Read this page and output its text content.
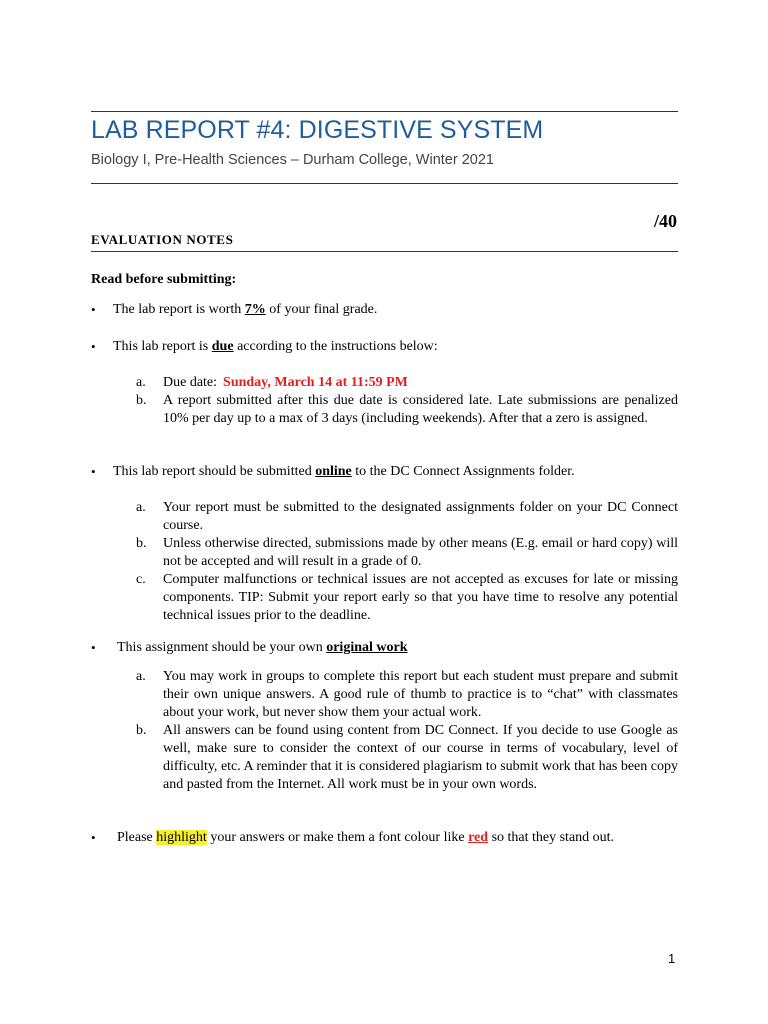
LAB REPORT #4: DIGESTIVE SYSTEM
Biology I, Pre-Health Sciences – Durham College, Winter 2021
/40
EVALUATION NOTES
Read before submitting:
• The lab report is worth 7% of your final grade.
• This lab report is due according to the instructions below:
a. Due date: Sunday, March 14 at 11:59 PM
b. A report submitted after this due date is considered late. Late submissions are penalized 10% per day up to a max of 3 days (including weekends). After that a zero is assigned.
• This lab report should be submitted online to the DC Connect Assignments folder.
a. Your report must be submitted to the designated assignments folder on your DC Connect course.
b. Unless otherwise directed, submissions made by other means (E.g. email or hard copy) will not be accepted and will result in a grade of 0.
c. Computer malfunctions or technical issues are not accepted as excuses for late or missing components. TIP: Submit your report early so that you have time to resolve any potential technical issues prior to the deadline.
• This assignment should be your own original work
a. You may work in groups to complete this report but each student must prepare and submit their own unique answers. A good rule of thumb to practice is to “chat” with classmates about your work, but never show them your actual work.
b. All answers can be found using content from DC Connect. If you decide to use Google as well, make sure to consider the context of our course in terms of vocabulary, level of difficulty, etc. A reminder that it is considered plagiarism to submit work that has been copy and pasted from the Internet. All work must be in your own words.
• Please highlight your answers or make them a font colour like red so that they stand out.
1
